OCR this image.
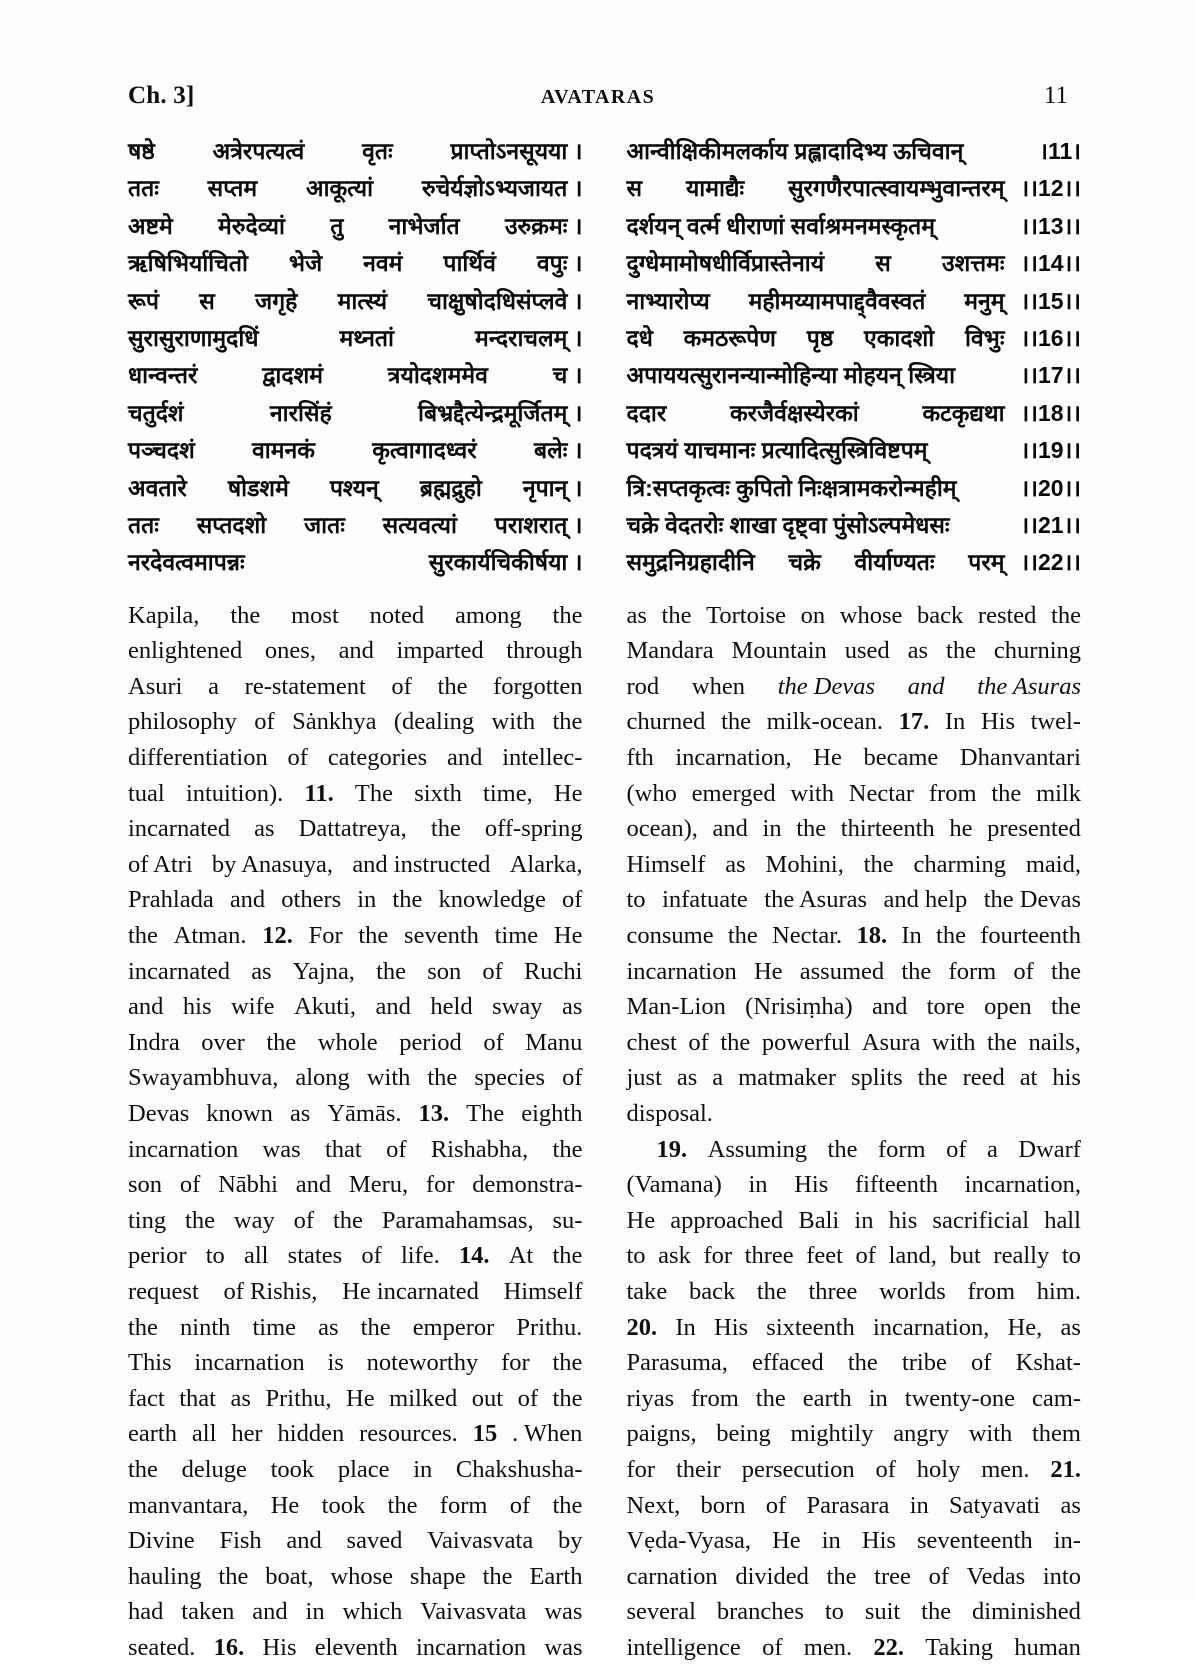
Ch. 3]	AVATARAS	11
षष्ठे	अत्रेरपत्यत्वं	वृतः	प्राप्तोऽनसूयया ।
ततः सप्तम आकूत्यां रुचेर्यज्ञोऽभ्यजायत ।
अष्टमे मेरुदेव्यां तु नाभेर्जात उरुक्रमः ।
ऋषिभिर्याचितो भेजे नवमं पार्थिवं वपुः ।
रूपं स जगृहे मात्स्यं चाक्षुषोदधिसंप्लवे ।
सुरासुराणामुदधिं	मथ्नतां	मन्दराचलम् ।
धान्वन्तरं	द्वादशमं	त्रयोदशममेव	च ।
चतुर्दशं	नारसिंहं	बिभ्रद्दैत्येन्द्रमूर्जितम् ।
पञ्चदशं वामनकं कृत्वागादध्वरं बलेः ।
अवतारे षोडशमे पश्यन् ब्रह्मद्रुहो नृपान् ।
ततः सप्तदशो जातः सत्यवत्यां पराशरात् ।
नरदेवत्वमापन्नः	सुरकार्यचिकीर्षया ।
Kapila, the most noted among the
enlightened ones, and imparted through
Asuri a re-statement of the forgotten
philosophy of Sȧnkhya (dealing with the
differentiation of categories and intellec-
tual intuition). 11. The sixth time, He
incarnated as Dattatreya, the off-spring
of Atri by Anasuya, and instructed Alarka,
Prahlada and others in the knowledge of
the Atman. 12. For the seventh time He
incarnated as Yajna, the son of Ruchi
and his wife Akuti, and held sway as
Indra over the whole period of Manu
Swayambhuva, along with the species of
Devas known as Yāmās. 13. The eighth
incarnation was that of Rishabha, the
son of Nābhi and Meru, for demonstra-
ting the way of the Paramahamsas, su-
perior to all states of life. 14. At the
request of Rishis, He incarnated Himself
the ninth time as the emperor Prithu.
This incarnation is noteworthy for the
fact that as Prithu, He milked out of the
earth all her hidden resources. 15 . When
the deluge took place in Chakshusha-
manvantara, He took the form of the
Divine Fish and saved Vaivasvata by
hauling the boat, whose shape the Earth
had taken and in which Vaivasvata was
seated. 16. His eleventh incarnation was
आन्वीक्षिकीमलर्काय प्रह्लादादिभ्य ऊचिवान्	।11।
स यामाद्यैः सुरगणैरपात्स्वायम्भुवान्तरम् ।।12।।
दर्शयन् वर्त्म धीराणां सर्वाश्रमनमस्कृतम्	।।13।।
दुग्धेमामोषधीर्विप्रास्तेनायं स उशत्तमः ।।14।।
नाभ्यारोप्य महीमय्यामपाद्द्वैवस्वतं मनुम् ।।15।।
दधे कमठरूपेण पृष्ठ एकादशो विभुः ।।16।।
अपाययत्सुरानन्यान्मोहिन्या मोहयन् स्त्रिया	।।17।।
ददार	करजैर्वक्षस्येरकां	कटकृद्यथा ।।18।।
पदत्रयं याचमानः प्रत्यादित्सुस्त्रिविष्टपम्	।।19।।
त्रि:सप्तकृत्वः कुपितो निःक्षत्रामकरोन्महीम्	।।20।।
चक्रे वेदतरोः शाखा दृष्ट्वा पुंसोऽल्पमेधसः	।।21।।
समुद्रनिग्रहादीनि चक्रे वीर्याण्यतः परम् ।।22।।
as the Tortoise on whose back rested the
Mandara Mountain used as the churning
rod when the Devas and the Asuras
churned the milk-ocean. 17. In His twel-
fth incarnation, He became Dhanvantari
(who emerged with Nectar from the milk
ocean), and in the thirteenth he presented
Himself as Mohini, the charming maid,
to infatuate the Asuras and help the Devas
consume the Nectar. 18. In the fourteenth
incarnation He assumed the form of the
Man-Lion (Nrisiṃha) and tore open the
chest of the powerful Asura with the nails,
just as a matmaker splits the reed at his
disposal.
19. Assuming the form of a Dwarf
(Vamana) in His fifteenth incarnation,
He approached Bali in his sacrificial hall
to ask for three feet of land, but really to
take back the three worlds from him.
20. In His sixteenth incarnation, He, as
Parasuma, effaced the tribe of Kshat-
riyas from the earth in twenty-one cam-
paigns, being mightily angry with them
for their persecution of holy men. 21.
Next, born of Parasara in Satyavati as
Vẹda-Vyasa, He in His seventeenth in-
carnation divided the tree of Vedas into
several branches to suit the diminished
intelligence of men. 22. Taking human
